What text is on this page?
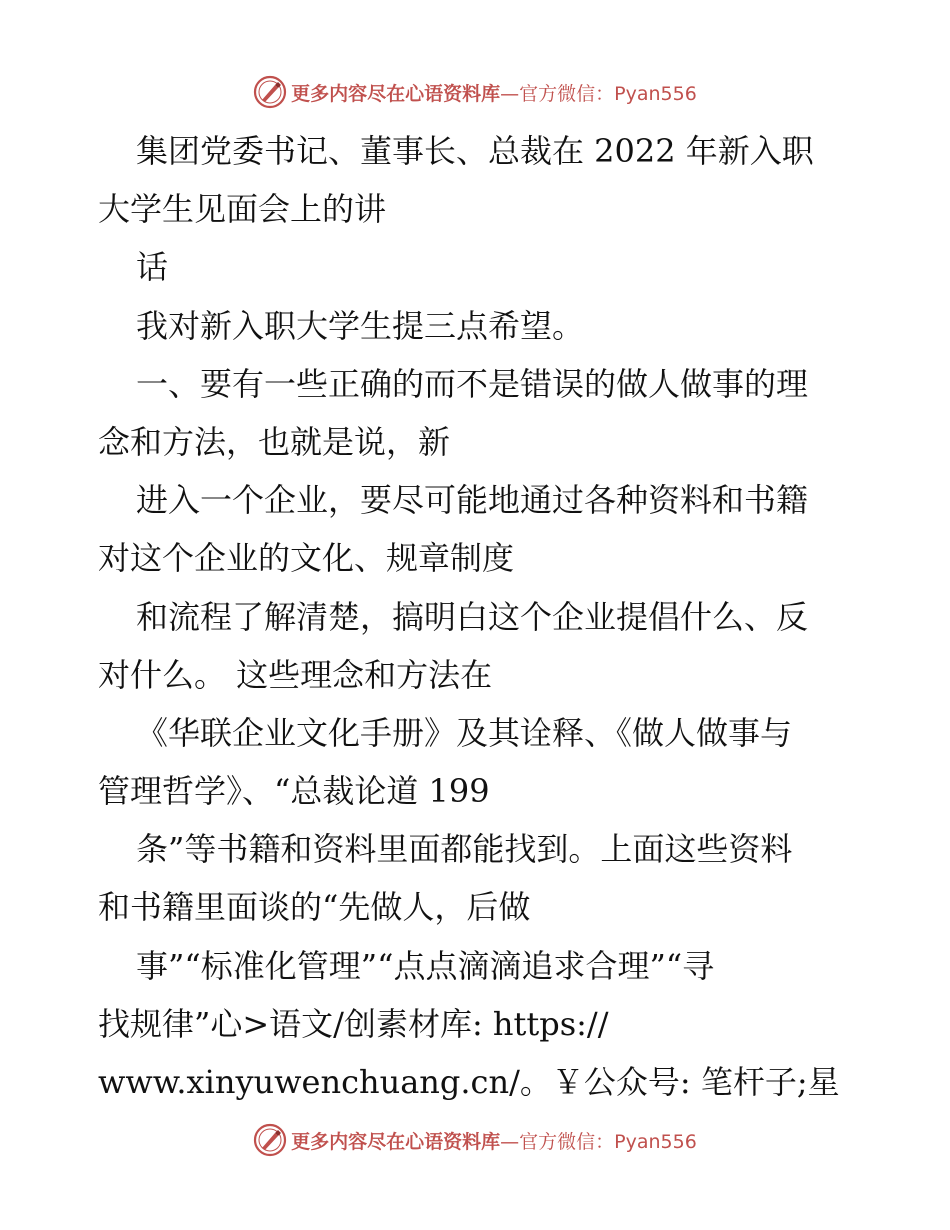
更多内容尽在心语资料库 —官方微信：Pyan556
集团党委书记、董事长、总裁在 2022 年新入职
大学生见面会上的讲
话
我对新入职大学生提三点希望。
一、要有一些正确的而不是错误的做人做事的理
念和方法，也就是说，新
进入一个企业，要尽可能地通过各种资料和书籍
对这个企业的文化、规章制度
和流程了解清楚，搞明白这个企业提倡什么、反
对什么。 这些理念和方法在
《华联企业文化手册》及其诠释、《做人做事与
管理哲学》、“总裁论道 199
条”等书籍和资料里面都能找到。上面这些资料
和书籍里面谈的“先做人，后做
事”“标准化管理”“点点滴滴追求合理”“寻
找规律”心>语文/创素材库: https://
www.xinyuwenchuang.cn/。￥公众号: 笔杆子;星
更多内容尽在心语资料库 —官方微信：Pyan556
